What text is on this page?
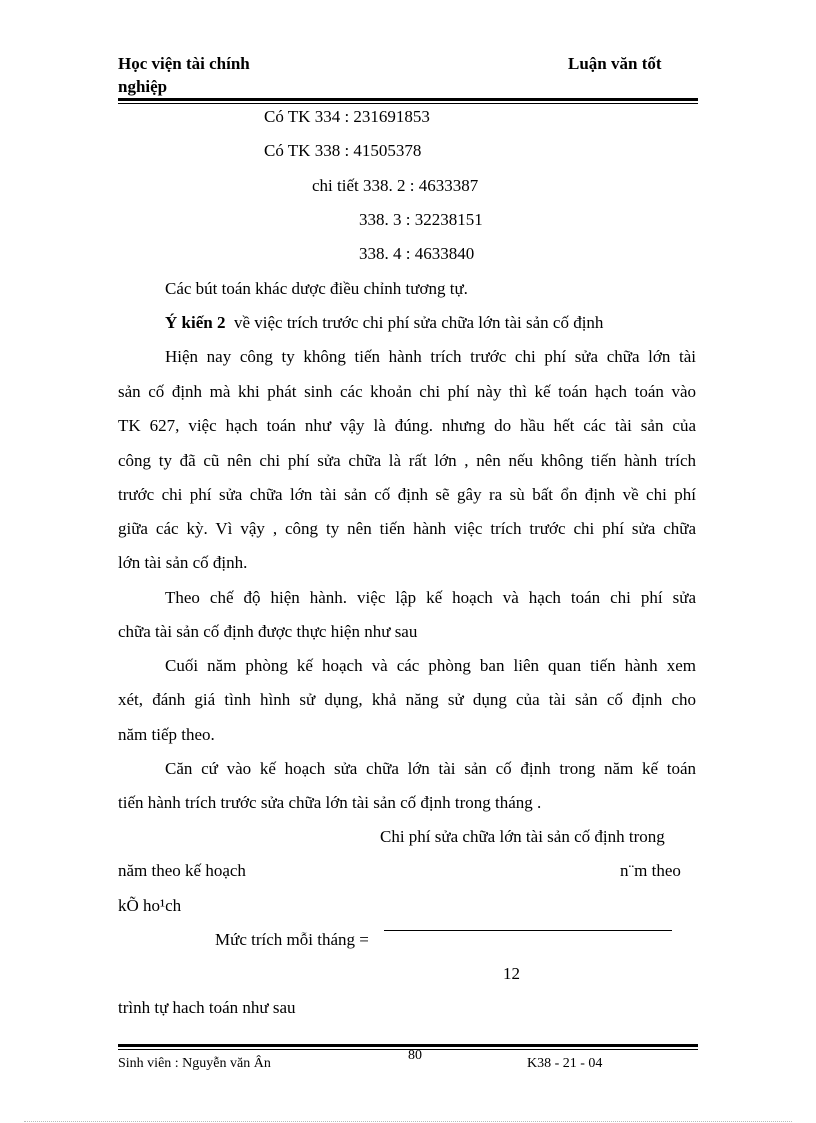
Học viện tài chính	Luận văn tốt
nghiệp
Có TK 334 : 231691853
Có TK 338 : 41505378
chi tiết 338. 2 : 4633387
338. 3 : 32238151
338. 4 : 4633840
Các bút toán khác dược điều chỉnh tương tự.
Ý kiến 2 về việc trích trước chi phí sửa chữa lớn tài sản cố định
Hiện nay công ty không tiến hành trích trước chi phí sửa chữa lớn tài
sản cố định mà khi phát sinh các khoản chi phí này thì kế toán hạch toán vào
TK 627, việc hạch toán như vậy là đúng. nhưng do hầu hết các tài sản của
công ty đã cũ nên chi phí sửa chữa là rất lớn , nên nếu không tiến hành trích
trước chi phí sửa chữa lớn tài sản cố định sẽ gây ra sù bất ổn định về chi phí
giữa các kỳ. Vì vậy , công ty nên tiến hành việc trích trước chi phí sửa chữa
lớn tài sản cố định.
Theo chế độ hiện hành. việc lập kế hoạch và hạch toán chi phí sửa
chữa tài sản cố định được thực hiện như sau
Cuối năm phòng kế hoạch và các phòng ban liên quan tiến hành xem
xét, đánh giá tình hình sử dụng, khả năng sử dụng của tài sản cố định cho
năm tiếp theo.
Căn cứ vào kế hoạch sửa chữa lớn tài sản cố định trong năm kế toán
tiến hành trích trước sửa chữa lớn tài sản cố định trong tháng .
Chi phí sửa chữa lớn tài sản cố định trong
năm theo kế hoạch	n¨m theo
kÕ ho¹ch
Mức trích mỗi tháng =
12
trình tự hach toán như sau
Sinh viên : Nguyễn văn Ân
80
K38 - 21 - 04
